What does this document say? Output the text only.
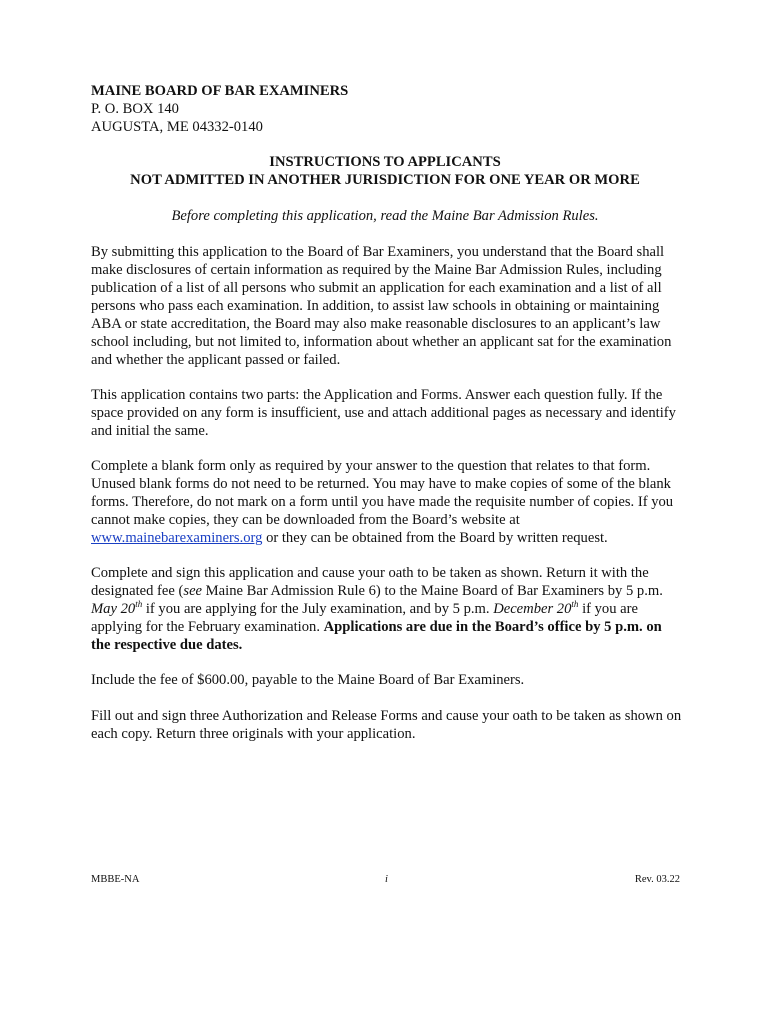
MAINE BOARD OF BAR EXAMINERS
P. O. BOX 140
AUGUSTA, ME 04332-0140
INSTRUCTIONS TO APPLICANTS
NOT ADMITTED IN ANOTHER JURISDICTION FOR ONE YEAR OR MORE
Before completing this application, read the Maine Bar Admission Rules.

By submitting this application to the Board of Bar Examiners, you understand that the Board shall make disclosures of certain information as required by the Maine Bar Admission Rules, including publication of a list of all persons who submit an application for each examination and a list of all persons who pass each examination. In addition, to assist law schools in obtaining or maintaining ABA or state accreditation, the Board may also make reasonable disclosures to an applicant’s law school including, but not limited to, information about whether an applicant sat for the examination and whether the applicant passed or failed.

This application contains two parts: the Application and Forms. Answer each question fully. If the space provided on any form is insufficient, use and attach additional pages as necessary and identify and initial the same.

Complete a blank form only as required by your answer to the question that relates to that form. Unused blank forms do not need to be returned. You may have to make copies of some of the blank forms. Therefore, do not mark on a form until you have made the requisite number of copies. If you cannot make copies, they can be downloaded from the Board’s website at www.mainebarexaminers.org or they can be obtained from the Board by written request.

Complete and sign this application and cause your oath to be taken as shown. Return it with the designated fee (see Maine Bar Admission Rule 6) to the Maine Board of Bar Examiners by 5 p.m. May 20th if you are applying for the July examination, and by 5 p.m. December 20th if you are applying for the February examination. Applications are due in the Board’s office by 5 p.m. on the respective due dates.

Include the fee of $600.00, payable to the Maine Board of Bar Examiners.

Fill out and sign three Authorization and Release Forms and cause your oath to be taken as shown on each copy. Return three originals with your application.

MBBE-NA	i	Rev. 03.22
